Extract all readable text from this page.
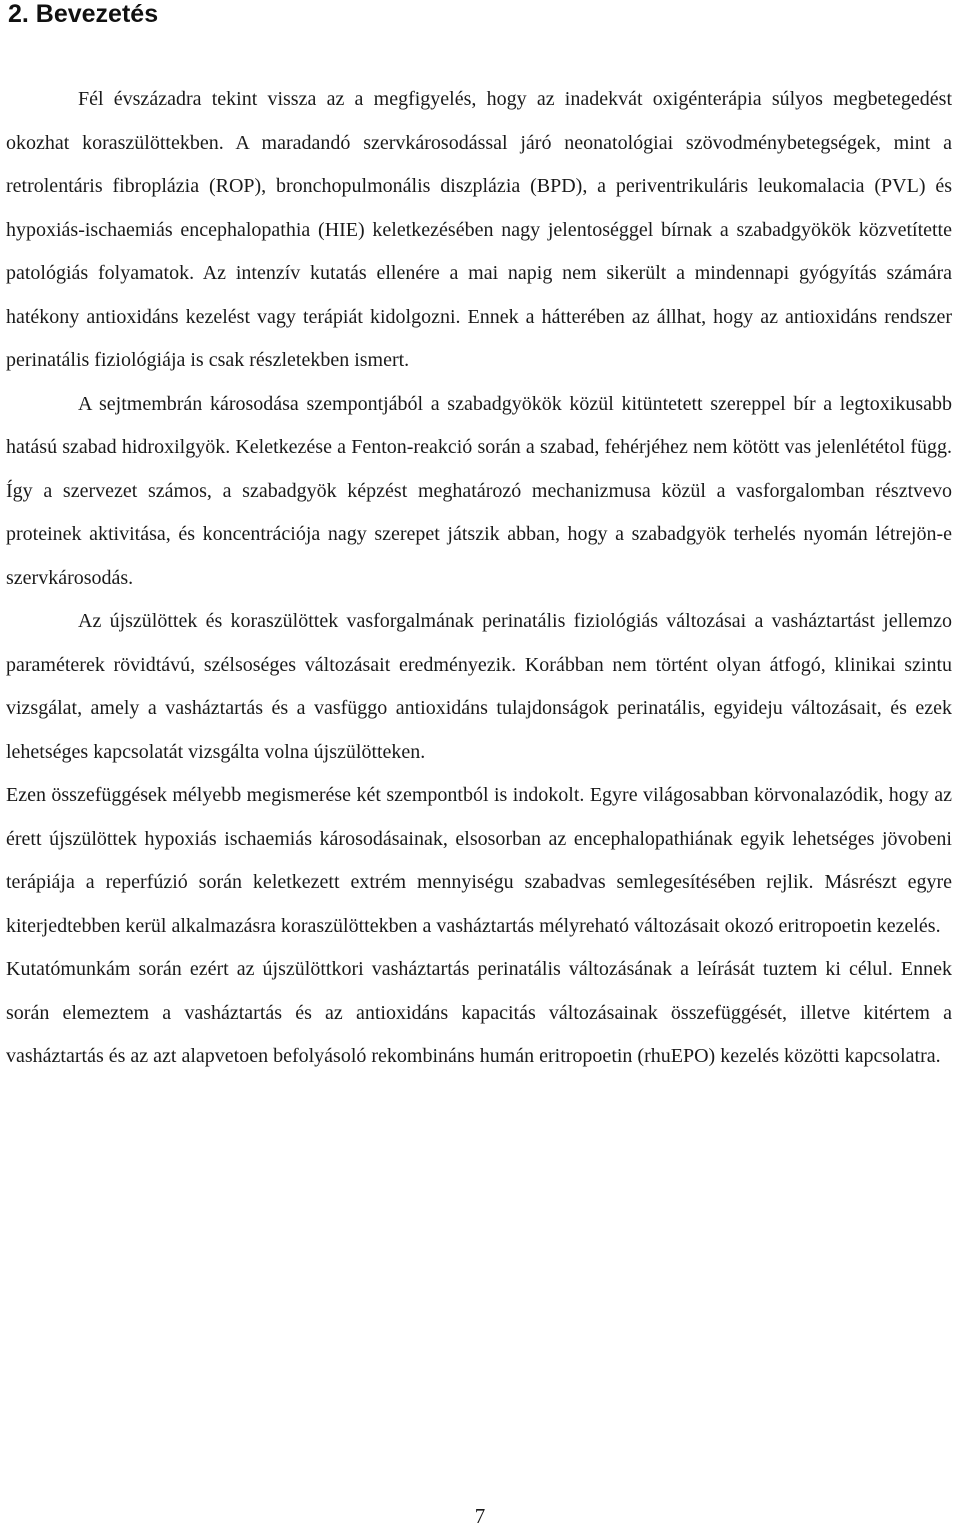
2. Bevezetés

Fél évszázadra tekint vissza az a megfigyelés, hogy az inadekvát oxigénterápia súlyos megbetegedést okozhat koraszülöttekben. A maradandó szervkárosodással járó neonatológiai szövodménybetegségek, mint a retrolentáris fibroplázia (ROP), bronchopulmonális diszplázia (BPD), a periventrikuláris leukomalacia (PVL) és hypoxiás-ischaemiás encephalopathia (HIE) keletkezésében nagy jelentoséggel bírnak a szabadgyökök közvetítette patológiás folyamatok. Az intenzív kutatás ellenére a mai napig nem sikerült a mindennapi gyógyítás számára hatékony antioxidáns kezelést vagy terápiát kidolgozni. Ennek a hátterében az állhat, hogy az antioxidáns rendszer perinatális fiziológiája is csak részletekben ismert.

A sejtmembrán károsodása szempontjából a szabadgyökök közül kitüntetett szereppel bír a legtoxikusabb hatású szabad hidroxilgyök. Keletkezése a Fenton-reakció során a szabad, fehérjéhez nem kötött vas jelenlététol függ. Így a szervezet számos, a szabadgyök képzést meghatározó mechanizmusa közül a vasforgalomban résztvevo proteinek aktivitása, és koncentrációja nagy szerepet játszik abban, hogy a szabadgyök terhelés nyomán létrejön-e szervkárosodás.

Az újszülöttek és koraszülöttek vasforgalmának perinatális fiziológiás változásai a vasháztartást jellemzo paraméterek rövidtávú, szélsoséges változásait eredményezik. Korábban nem történt olyan átfogó, klinikai szintu vizsgálat, amely a vasháztartás és a vasfüggo antioxidáns tulajdonságok perinatális, egyideju változásait, és ezek lehetséges kapcsolatát vizsgálta volna újszülötteken.

Ezen összefüggések mélyebb megismerése két szempontból is indokolt. Egyre világosabban körvonalazódik, hogy az érett újszülöttek hypoxiás ischaemiás károsodásainak, elsosorban az encephalopathiának egyik lehetséges jövobeni terápiája a reperfúzió során keletkezett extrém mennyiségu szabadvas semlegesítésében rejlik. Másrészt egyre kiterjedtebben kerül alkalmazásra koraszülöttekben a vasháztartás mélyreható változásait okozó eritropoetin kezelés.

Kutatómunkám során ezért az újszülöttkori vasháztartás perinatális változásának a leírását tuztem ki célul. Ennek során elemeztem a vasháztartás és az antioxidáns kapacitás változásainak összefüggését, illetve kitértem a vasháztartás és az azt alapvetoen befolyásoló rekombináns humán eritropoetin (rhuEPO) kezelés közötti kapcsolatra.

7
